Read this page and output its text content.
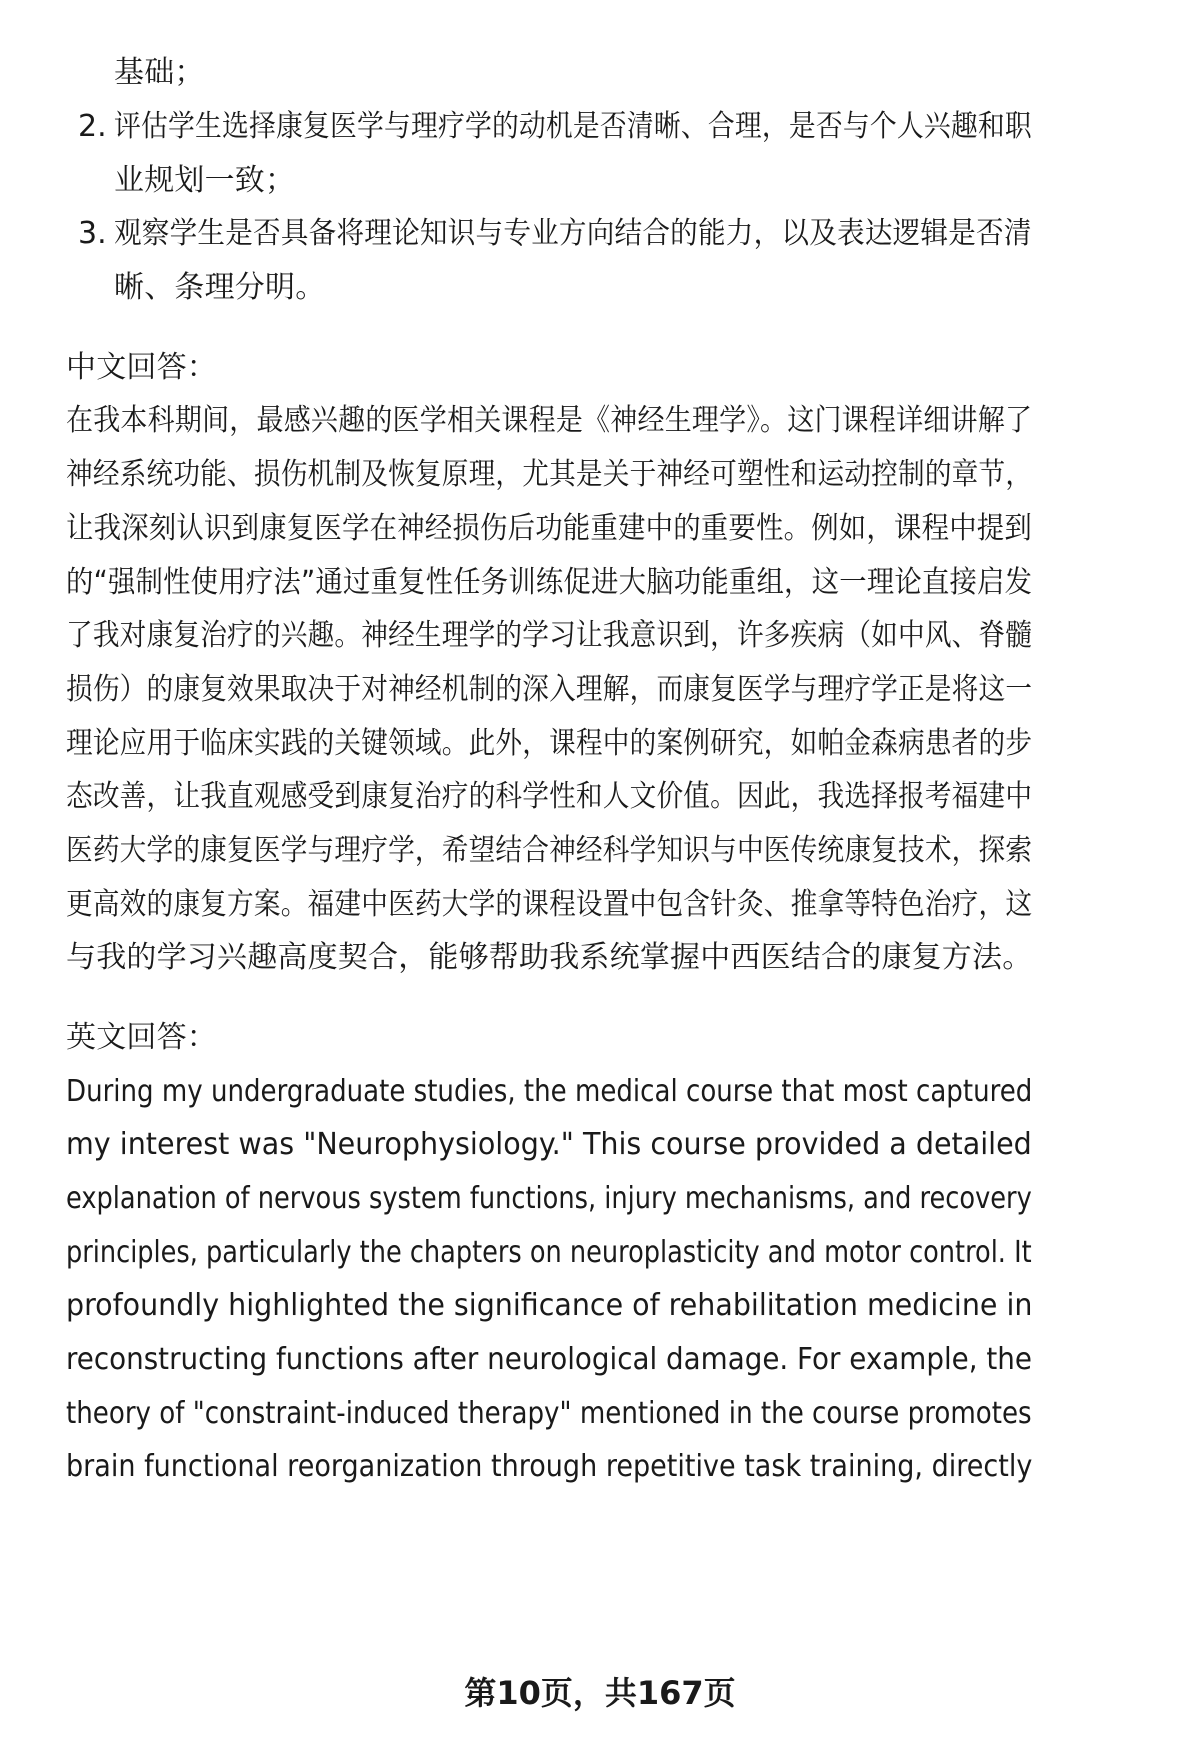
基础；
2. 评估学生选择康复医学与理疗学的动机是否清晰、合理，是否与个人兴趣和职
业规划一致；
3. 观察学生是否具备将理论知识与专业方向结合的能力，以及表达逻辑是否清
晰、条理分明。
中文回答：
在我本科期间，最感兴趣的医学相关课程是《神经生理学》。这门课程详细讲解了
神经系统功能、损伤机制及恢复原理，尤其是关于神经可塑性和运动控制的章节，
让我深刻认识到康复医学在神经损伤后功能重建中的重要性。例如，课程中提到
的“强制性使用疗法”通过重复性任务训练促进大脑功能重组，这一理论直接启发
了我对康复治疗的兴趣。神经生理学的学习让我意识到，许多疾病（如中风、脊髓
损伤）的康复效果取决于对神经机制的深入理解，而康复医学与理疗学正是将这一
理论应用于临床实践的关键领域。此外，课程中的案例研究，如帕金森病患者的步
态改善，让我直观感受到康复治疗的科学性和人文价值。因此，我选择报考福建中
医药大学的康复医学与理疗学，希望结合神经科学知识与中医传统康复技术，探索
更高效的康复方案。福建中医药大学的课程设置中包含针灸、推拿等特色治疗，这
与我的学习兴趣高度契合，能够帮助我系统掌握中西医结合的康复方法。
英文回答：
During my undergraduate studies, the medical course that most captured
my interest was "Neurophysiology." This course provided a detailed
explanation of nervous system functions, injury mechanisms, and recovery
principles, particularly the chapters on neuroplasticity and motor control. It
profoundly highlighted the significance of rehabilitation medicine in
reconstructing functions after neurological damage. For example, the
theory of "constraint-induced therapy" mentioned in the course promotes
brain functional reorganization through repetitive task training, directly
第10页，共167页
